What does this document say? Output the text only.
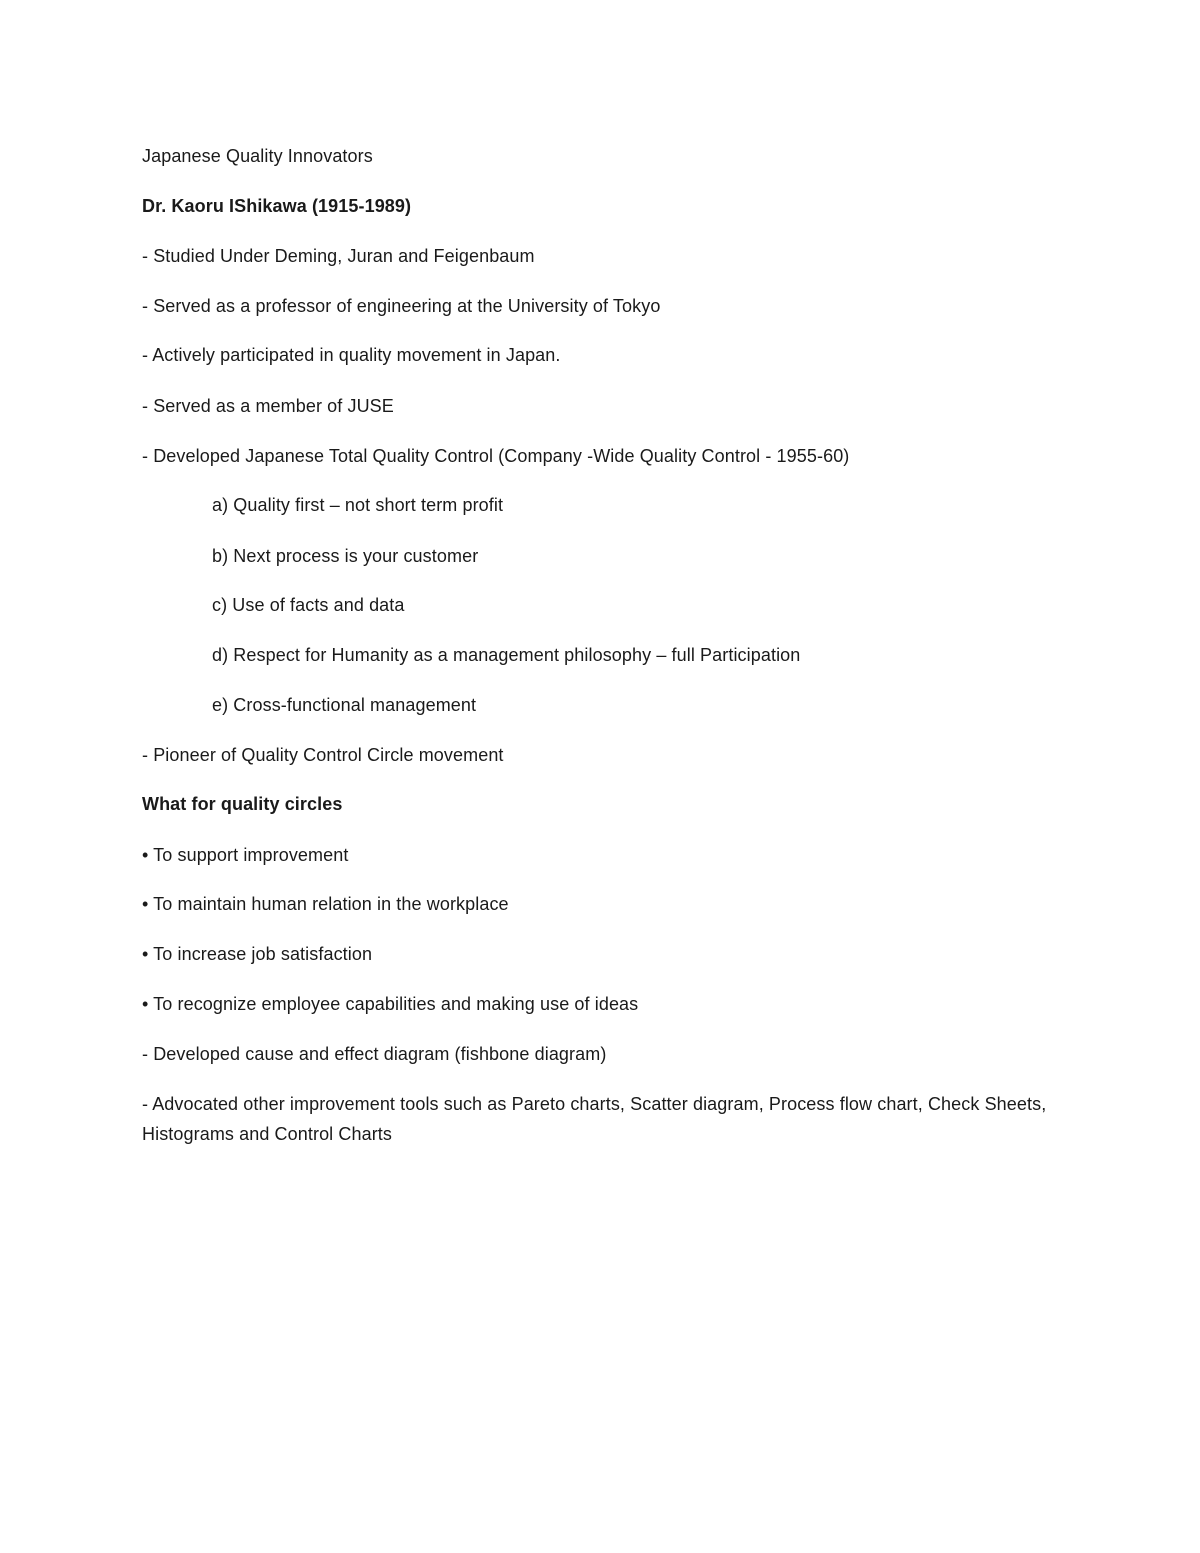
Japanese Quality Innovators
Dr. Kaoru IShikawa (1915-1989)
- Studied Under Deming, Juran and Feigenbaum
- Served as a professor of engineering at the University of Tokyo
- Actively participated in quality movement in Japan.
- Served as a member of JUSE
- Developed Japanese Total Quality Control (Company -Wide Quality Control - 1955-60)
a) Quality first – not short term profit
b) Next process is your customer
c) Use of facts and data
d) Respect for Humanity as a management philosophy – full Participation
e) Cross-functional management
- Pioneer of Quality Control Circle movement
What for quality circles
• To support improvement
• To maintain human relation in the workplace
• To increase job satisfaction
• To recognize employee capabilities and making use of ideas
- Developed cause and effect diagram (fishbone diagram)
- Advocated other improvement tools such as Pareto charts, Scatter diagram, Process flow chart, Check Sheets, Histograms and Control Charts
